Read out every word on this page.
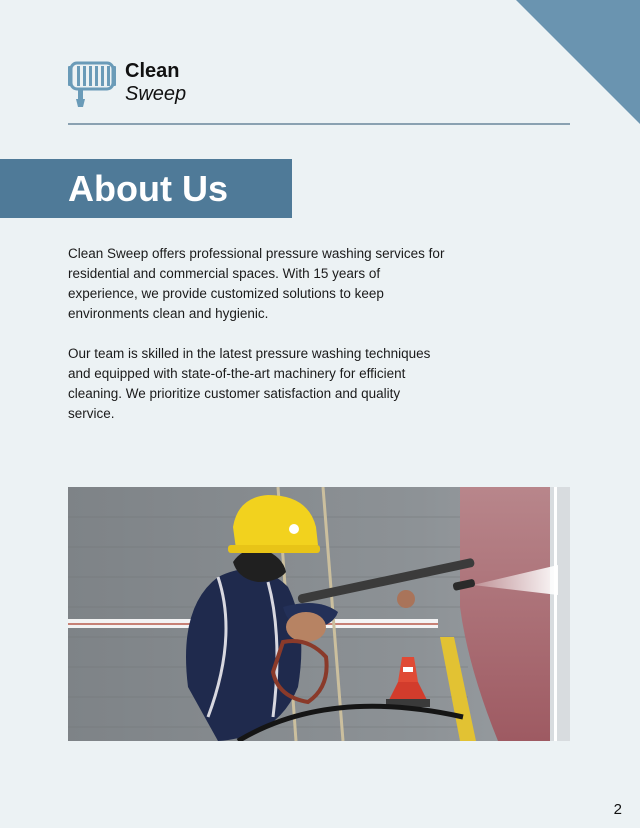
Clean
Sweep
About Us

Clean Sweep offers professional pressure washing services for residential and commercial spaces. With 15 years of experience, we provide customized solutions to keep environments clean and hygienic.

Our team is skilled in the latest pressure washing techniques and equipped with state-of-the-art machinery for efficient cleaning. We prioritize customer satisfaction and quality service.

2
